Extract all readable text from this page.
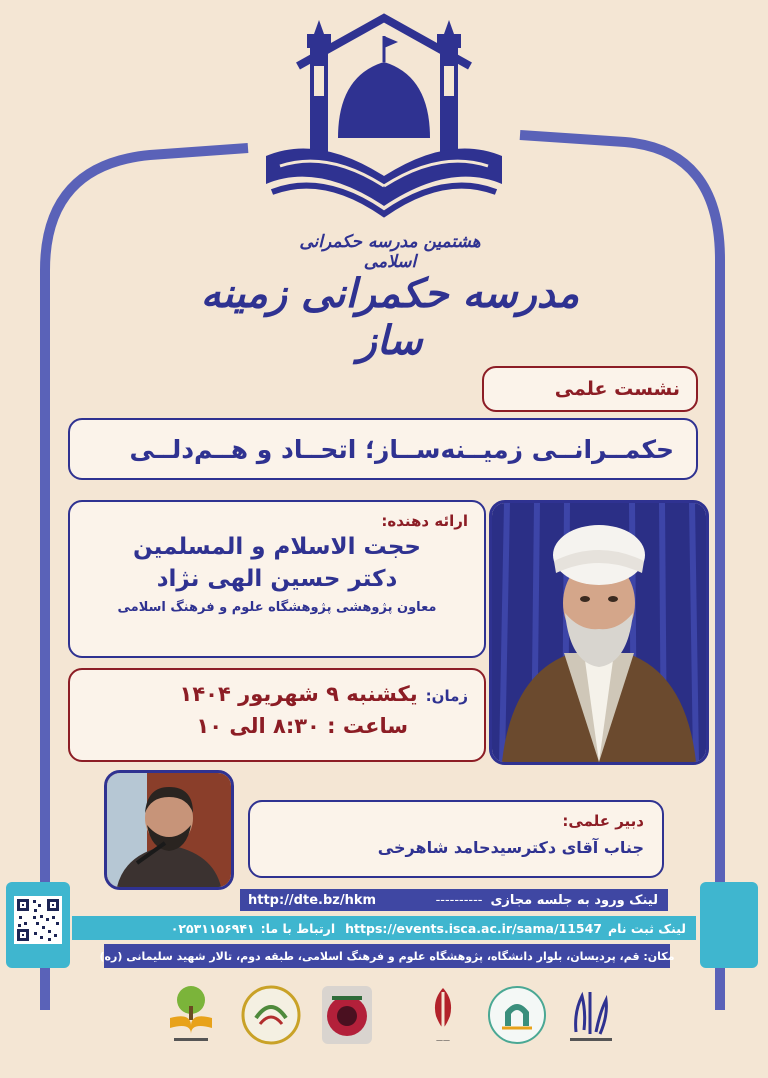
هشتمین مدرسه حکمرانی اسلامی
مدرسه حکمرانی زمینه ساز
نشست علمی
حکمــرانــی زمیــنه‌ســاز؛ اتحــاد و هــم‌دلــی
ارائه دهنده:
حجت الاسلام و المسلمین
دکتر حسین الهی نژاد
معاون پژوهشی پژوهشگاه علوم و فرهنگ اسلامی
زمان:
یکشنبه ۹ شهریور ۱۴۰۴
ساعت : ۸:۳۰ الی ۱۰
دبیر علمی:
جناب آقای دکترسیدحامد شاهرخی
لینک ورود به جلسه مجازی
----------
http://dte.bz/hkm
لینک ثبت نام
https://events.isca.ac.ir/sama/11547
ارتباط با ما:
۰۲۵۳۱۱۵۶۹۴۱
مکان: قم، پردیسان، بلوار دانشگاه، پژوهشگاه علوم و فرهنگ اسلامی، طبقه دوم، تالار شهید سلیمانی (ره)
——
